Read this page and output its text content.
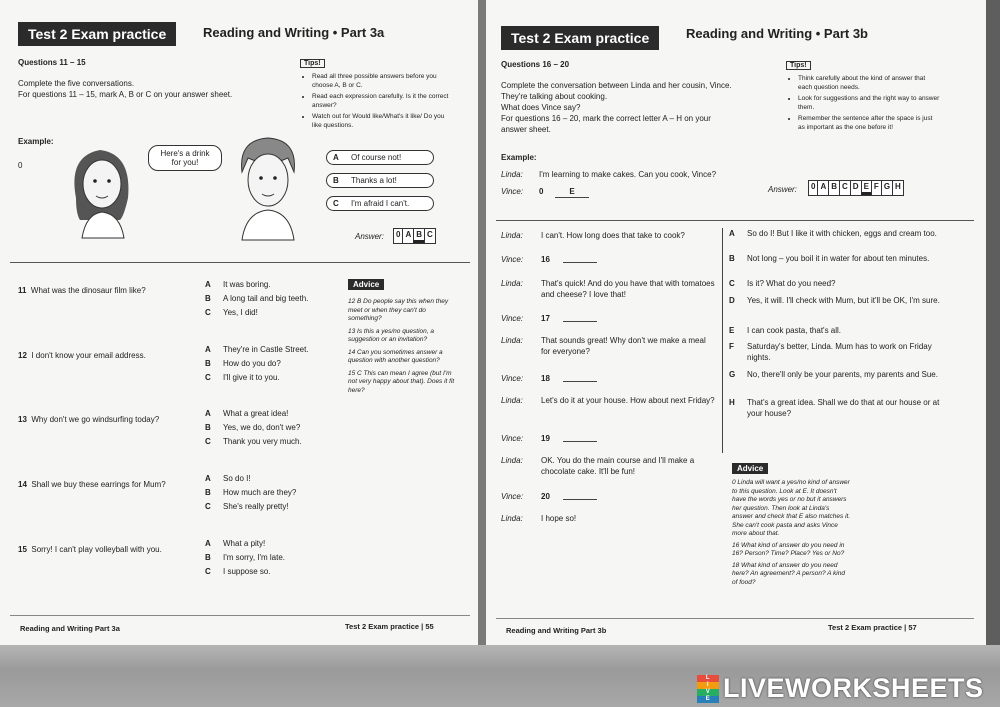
Test 2 Exam practice	Reading and Writing • Part 3a
Questions 11 – 15
Complete the five conversations.
For questions 11 – 15, mark A, B or C on your answer sheet.
Tips!
• Read all three possible answers before you choose A, B or C.
• Read each expression carefully. Is it the correct answer?
• Watch out for Would like/What's it like/ Do you like questions.
Example:
0
Here's a drink for you!
A Of course not!
B Thanks a lot!
C I'm afraid I can't.
Answer: 0 A B C
11 What was the dinosaur film like?
A It was boring.
B A long tail and big teeth.
C Yes, I did!
12 I don't know your email address.
A They're in Castle Street.
B How do you do?
C I'll give it to you.
13 Why don't we go windsurfing today?
A What a great idea!
B Yes, we do, don't we?
C Thank you very much.
14 Shall we buy these earrings for Mum?
A So do I!
B How much are they?
C She's really pretty!
15 Sorry! I can't play volleyball with you.
A What a pity!
B I'm sorry, I'm late.
C I suppose so.
Advice
12 B Do people say this when they meet or when they can't do something?
13 Is this a yes/no question, a suggestion or an invitation?
14 Can you sometimes answer a question with another question?
15 C This can mean I agree (but I'm not very happy about that). Does it fit here?
Reading and Writing Part 3a	Test 2 Exam practice | 55
Test 2 Exam practice	Reading and Writing • Part 3b
Questions 16 – 20
Complete the conversation between Linda and her cousin, Vince.
They're talking about cooking.
What does Vince say?
For questions 16 – 20, mark the correct letter A – H on your
answer sheet.
Tips!
• Think carefully about the kind of answer that each question needs.
• Look for suggestions and the right way to answer them.
• Remember the sentence after the space is just as important as the one before it!
Example:
Linda: I'm learning to make cakes. Can you cook, Vince?
Vince: 0	E	Answer: 0 A B C D E F G H
Linda:	I can't. How long does that take to cook?
Vince:	16
Linda:	That's quick! And do you have that with tomatoes and cheese? I love that!
Vince:	17
Linda:	That sounds great! Why don't we make a meal for everyone?
Vince:	18
Linda:	Let's do it at your house. How about next Friday?
Vince:	19
Linda:	OK. You do the main course and I'll make a chocolate cake. It'll be fun!
Vince:	20
Linda:	I hope so!
A	So do I! But I like it with chicken, eggs and cream too.
B	Not long – you boil it in water for about ten minutes.
C	Is it? What do you need?
D	Yes, it will. I'll check with Mum, but it'll be OK, I'm sure.
E	I can cook pasta, that's all.
F	Saturday's better, Linda. Mum has to work on Friday nights.
G	No, there'll only be your parents, my parents and Sue.
H	That's a great idea. Shall we do that at our house or at your house?
Advice
0 Linda will want a yes/no kind of answer to this question. Look at E. It doesn't have the words yes or no but it answers her question. Then look at Linda's answer and check that E also matches it. She can't cook pasta and asks Vince more about that.
16 What kind of answer do you need in 16? Person? Time? Place? Yes or No?
18 What kind of answer do you need here? An agreement? A person? A kind of food?
Reading and Writing Part 3b	Test 2 Exam practice | 57
L
I
V
E LIVEWORKSHEETS
